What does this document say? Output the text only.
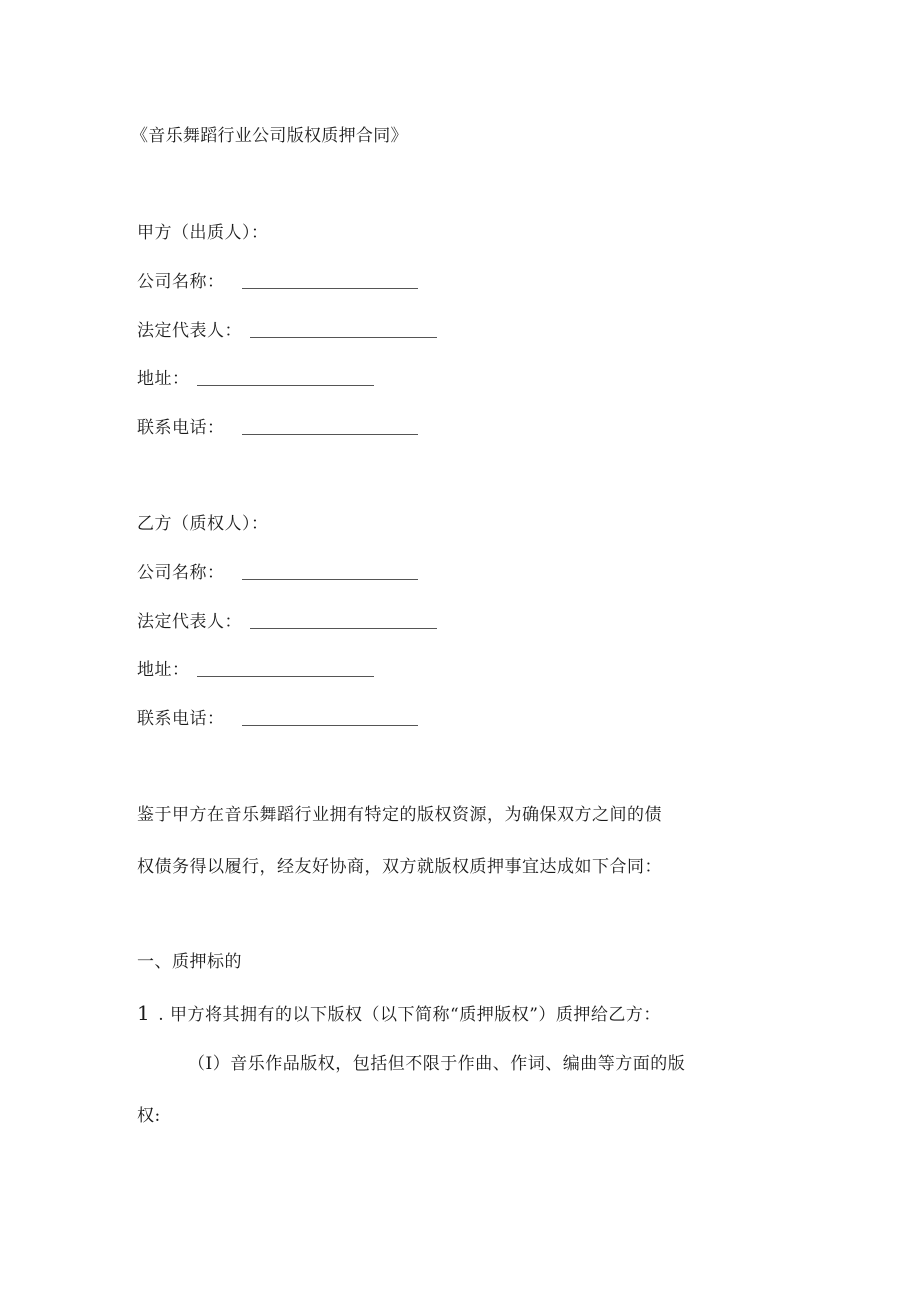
《音乐舞蹈行业公司版权质押合同》
甲方（出质人）：
公司名称：
法定代表人：
地址：
联系电话：
乙方（质权人）：
公司名称：
法定代表人：
地址：
联系电话：
鉴于甲方在音乐舞蹈行业拥有特定的版权资源，为确保双方之间的债
权债务得以履行，经友好协商，双方就版权质押事宜达成如下合同：
一、质押标的
1 . 甲方将其拥有的以下版权（以下简称“质押版权”）质押给乙方：
（I）音乐作品版权，包括但不限于作曲、作词、编曲等方面的版
权:
